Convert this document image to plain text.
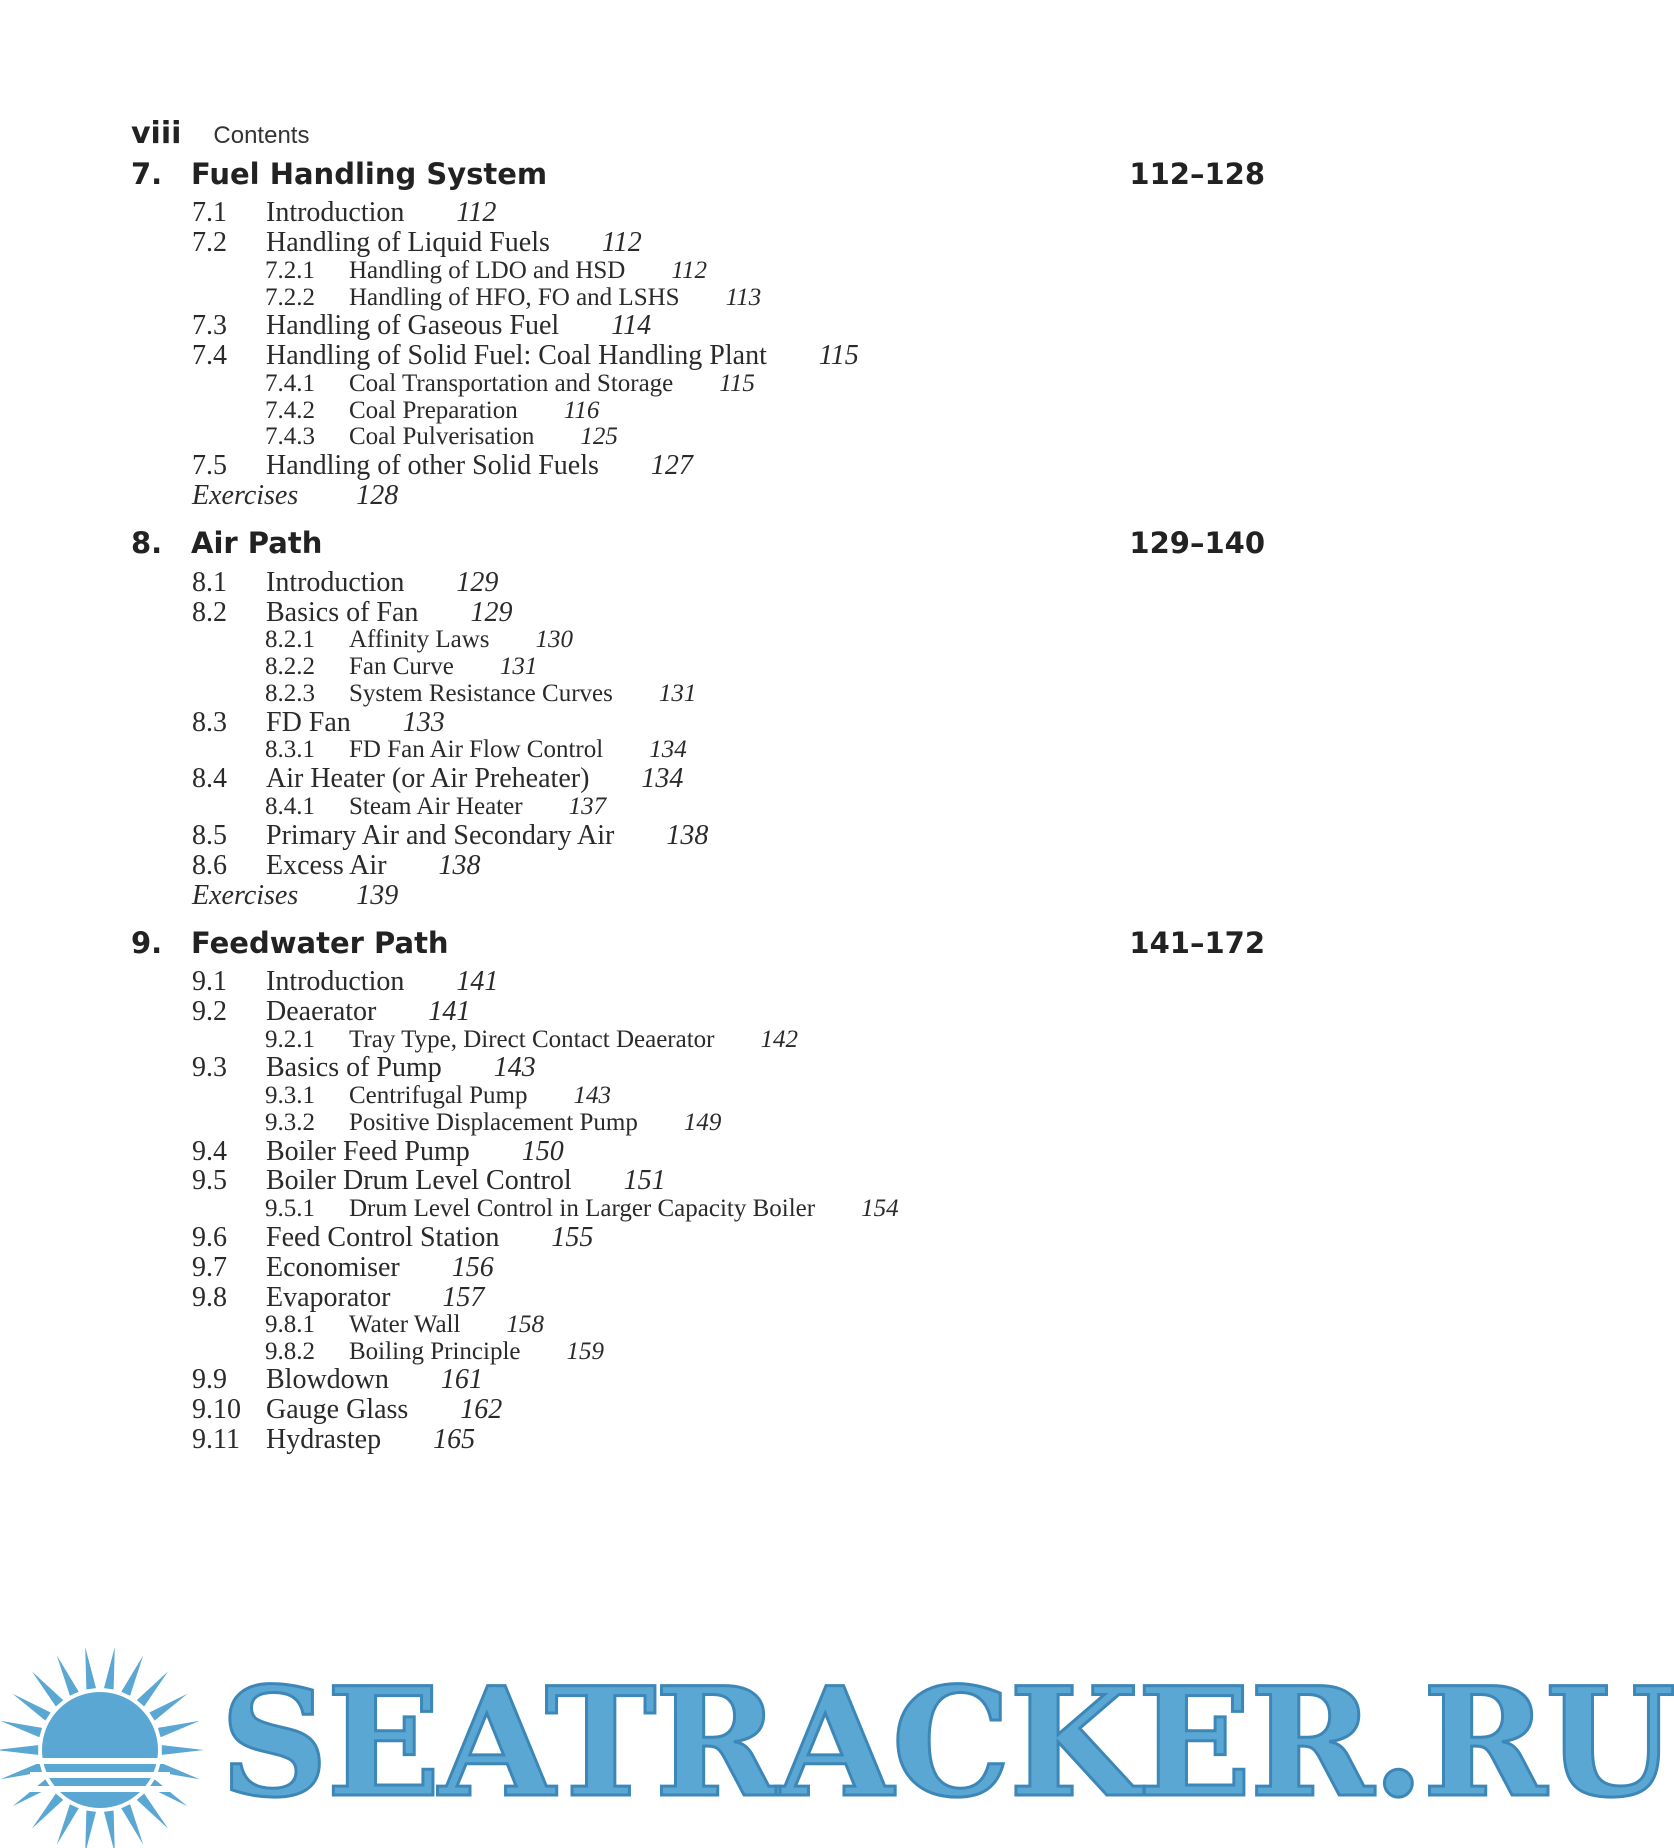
viii Contents
7. Fuel Handling System	112–128
7.1	Introduction 112
7.2	Handling of Liquid Fuels 112
7.2.1	Handling of LDO and HSD 112
7.2.2	Handling of HFO, FO and LSHS 113
7.3	Handling of Gaseous Fuel 114
7.4	Handling of Solid Fuel: Coal Handling Plant 115
7.4.1	Coal Transportation and Storage 115
7.4.2	Coal Preparation 116
7.4.3	Coal Pulverisation 125
7.5	Handling of other Solid Fuels 127
Exercises 128
8. Air Path	129–140
8.1	Introduction 129
8.2	Basics of Fan 129
8.2.1	Affinity Laws 130
8.2.2	Fan Curve 131
8.2.3	System Resistance Curves 131
8.3	FD Fan 133
8.3.1	FD Fan Air Flow Control 134
8.4	Air Heater (or Air Preheater) 134
8.4.1	Steam Air Heater 137
8.5	Primary Air and Secondary Air 138
8.6	Excess Air 138
Exercises 139
9. Feedwater Path	141–172
9.1	Introduction 141
9.2	Deaerator 141
9.2.1	Tray Type, Direct Contact Deaerator 142
9.3	Basics of Pump 143
9.3.1	Centrifugal Pump 143
9.3.2	Positive Displacement Pump 149
9.4	Boiler Feed Pump 150
9.5	Boiler Drum Level Control 151
9.5.1	Drum Level Control in Larger Capacity Boiler 154
9.6	Feed Control Station 155
9.7	Economiser 156
9.8	Evaporator 157
9.8.1	Water Wall 158
9.8.2	Boiling Principle 159
9.9	Blowdown 161
9.10 Gauge Glass 162
9.11 Hydrastep 165
SEATRACKER.RU
